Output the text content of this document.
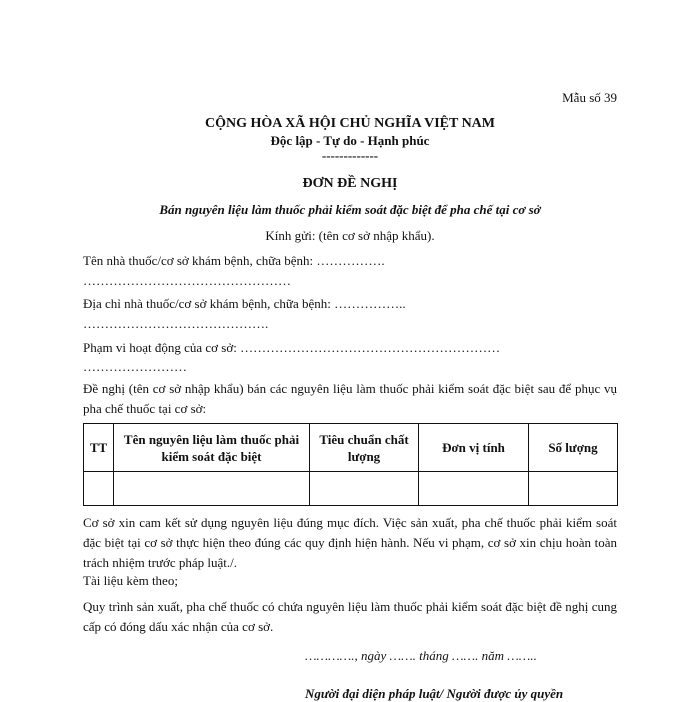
Mẫu số 39
CỘNG HÒA XÃ HỘI CHỦ NGHĨA VIỆT NAM
Độc lập - Tự do - Hạnh phúc
-------------
ĐƠN ĐỀ NGHỊ
Bán nguyên liệu làm thuốc phải kiểm soát đặc biệt để pha chế tại cơ sở
Kính gửi: (tên cơ sở nhập khẩu).
Tên nhà thuốc/cơ sở khám bệnh, chữa bệnh: …………….
…………………………………………
Địa chỉ nhà thuốc/cơ sở khám bệnh, chữa bệnh: ……………..
…………………………………….
Phạm vi hoạt động của cơ sở: ……………………………………………………
……………………
Đề nghị (tên cơ sở nhập khẩu) bán các nguyên liệu làm thuốc phải kiểm soát đặc biệt sau để phục vụ pha chế thuốc tại cơ sở:
TT	Tên nguyên liệu làm thuốc phải kiểm soát đặc biệt	Tiêu chuẩn chất lượng	Đơn vị tính	Số lượng

Cơ sở xin cam kết sử dụng nguyên liệu đúng mục đích. Việc sản xuất, pha chế thuốc phải kiểm soát đặc biệt tại cơ sở thực hiện theo đúng các quy định hiện hành. Nếu vi phạm, cơ sở xin chịu hoàn toàn trách nhiệm trước pháp luật./.
Tài liệu kèm theo;
Quy trình sản xuất, pha chế thuốc có chứa nguyên liệu làm thuốc phải kiểm soát đặc biệt đề nghị cung cấp có đóng dấu xác nhận của cơ sở.
…………., ngày ……. tháng ……. năm ……..
Người đại diện pháp luật/ Người được ủy quyền
